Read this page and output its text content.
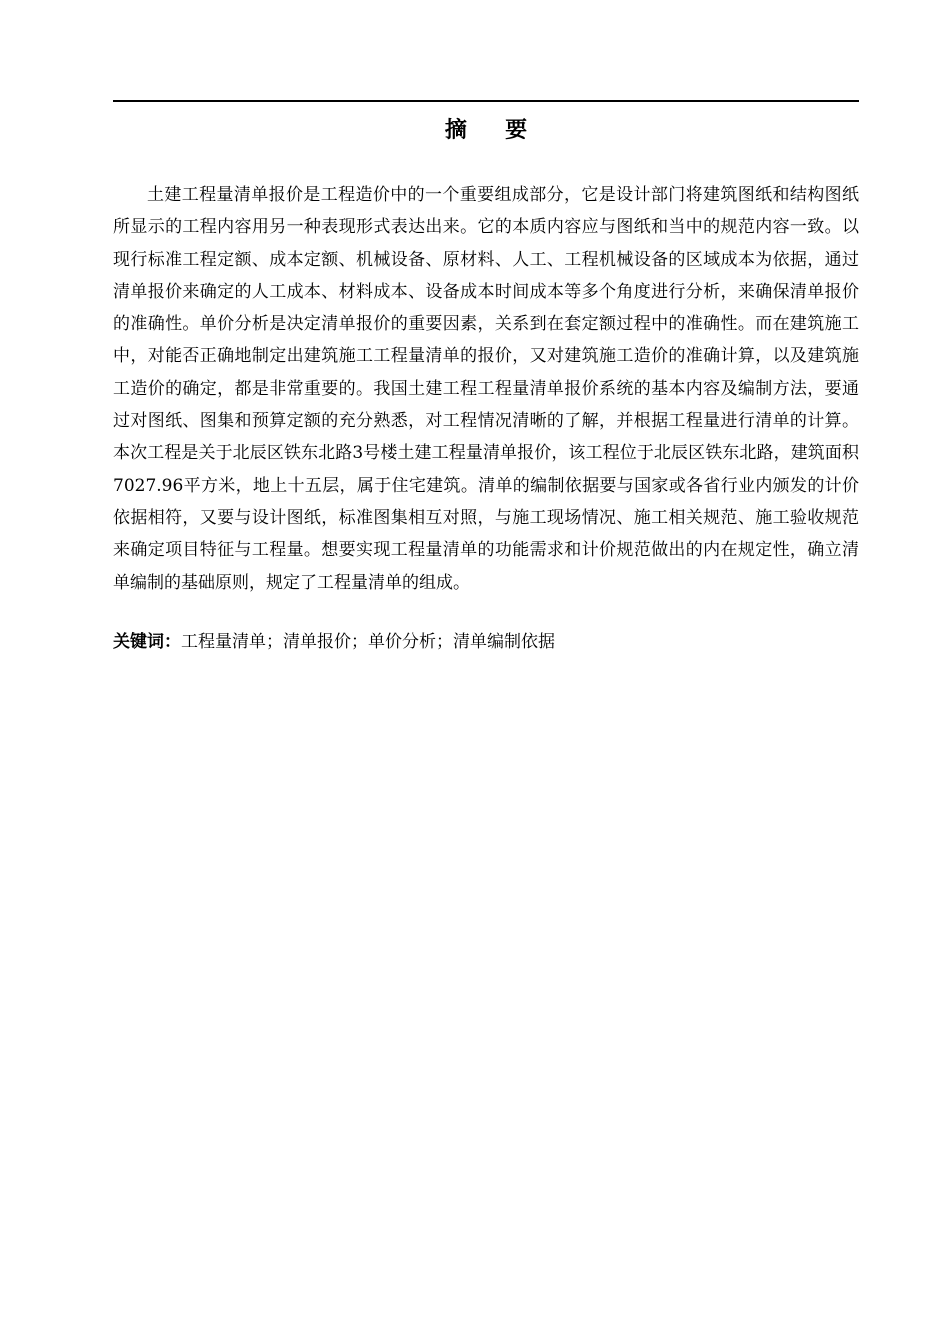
摘     要

土建工程量清单报价是工程造价中的一个重要组成部分，它是设计部门将建筑图纸和结构图纸所显示的工程内容用另一种表现形式表达出来。它的本质内容应与图纸和当中的规范内容一致。以现行标准工程定额、成本定额、机械设备、原材料、人工、工程机械设备的区域成本为依据，通过清单报价来确定的人工成本、材料成本、设备成本时间成本等多个角度进行分析，来确保清单报价的准确性。单价分析是决定清单报价的重要因素，关系到在套定额过程中的准确性。而在建筑施工中，对能否正确地制定出建筑施工工程量清单的报价，又对建筑施工造价的准确计算，以及建筑施工造价的确定，都是非常重要的。我国土建工程工程量清单报价系统的基本内容及编制方法，要通过对图纸、图集和预算定额的充分熟悉，对工程情况清晰的了解，并根据工程量进行清单的计算。本次工程是关于北辰区铁东北路3号楼土建工程量清单报价，该工程位于北辰区铁东北路，建筑面积7027.96平方米，地上十五层，属于住宅建筑。清单的编制依据要与国家或各省行业内颁发的计价依据相符，又要与设计图纸，标准图集相互对照，与施工现场情况、施工相关规范、施工验收规范来确定项目特征与工程量。想要实现工程量清单的功能需求和计价规范做出的内在规定性，确立清单编制的基础原则，规定了工程量清单的组成。

关键词：工程量清单；清单报价；单价分析；清单编制依据
